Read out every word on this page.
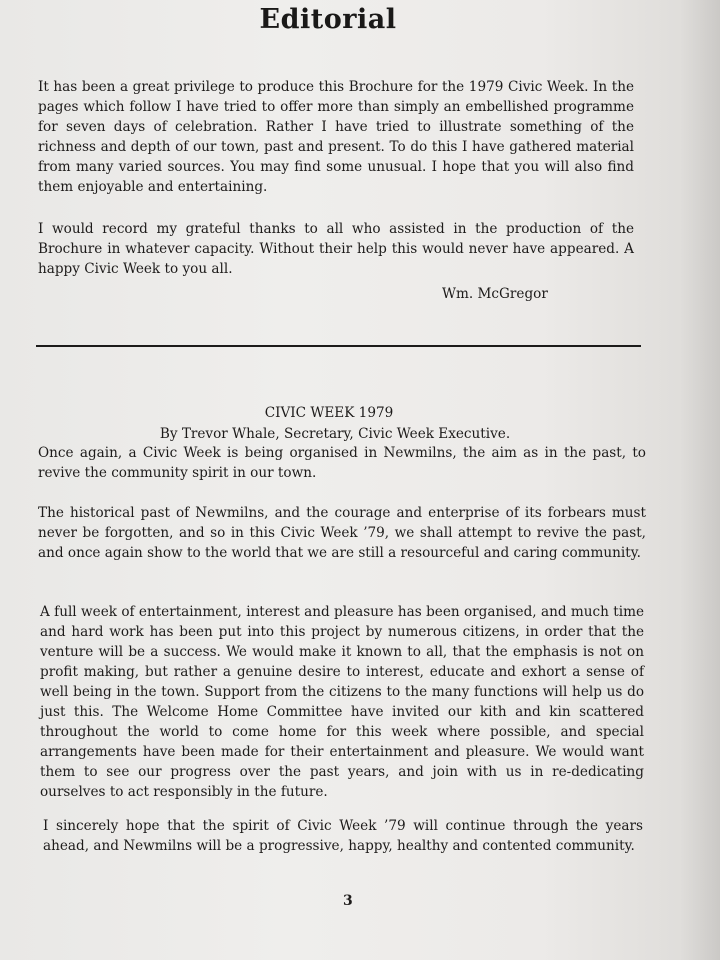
Editorial

It has been a great privilege to produce this Brochure for the 1979 Civic Week. In the pages which follow I have tried to offer more than simply an embellished programme for seven days of celebration. Rather I have tried to illustrate something of the richness and depth of our town, past and present. To do this I have gathered material from many varied sources. You may find some unusual. I hope that you will also find them enjoyable and entertaining.

I would record my grateful thanks to all who assisted in the production of the Brochure in whatever capacity. Without their help this would never have appeared. A happy Civic Week to you all.

Wm. McGregor
CIVIC WEEK 1979
By Trevor Whale, Secretary, Civic Week Executive.

Once again, a Civic Week is being organised in Newmilns, the aim as in the past, to revive the community spirit in our town.

The historical past of Newmilns, and the courage and enterprise of its forbears must never be forgotten, and so in this Civic Week ’79, we shall attempt to revive the past, and once again show to the world that we are still a resourceful and caring community.

A full week of entertainment, interest and pleasure has been organised, and much time and hard work has been put into this project by numerous citizens, in order that the venture will be a success. We would make it known to all, that the emphasis is not on profit making, but rather a genuine desire to interest, educate and exhort a sense of well being in the town. Support from the citizens to the many functions will help us do just this. The Welcome Home Committee have invited our kith and kin scattered throughout the world to come home for this week where possible, and special arrangements have been made for their entertainment and pleasure. We would want them to see our progress over the past years, and join with us in re-dedicating ourselves to act responsibly in the future.

I sincerely hope that the spirit of Civic Week ’79 will continue through the years ahead, and Newmilns will be a progressive, happy, healthy and contented community.

3
